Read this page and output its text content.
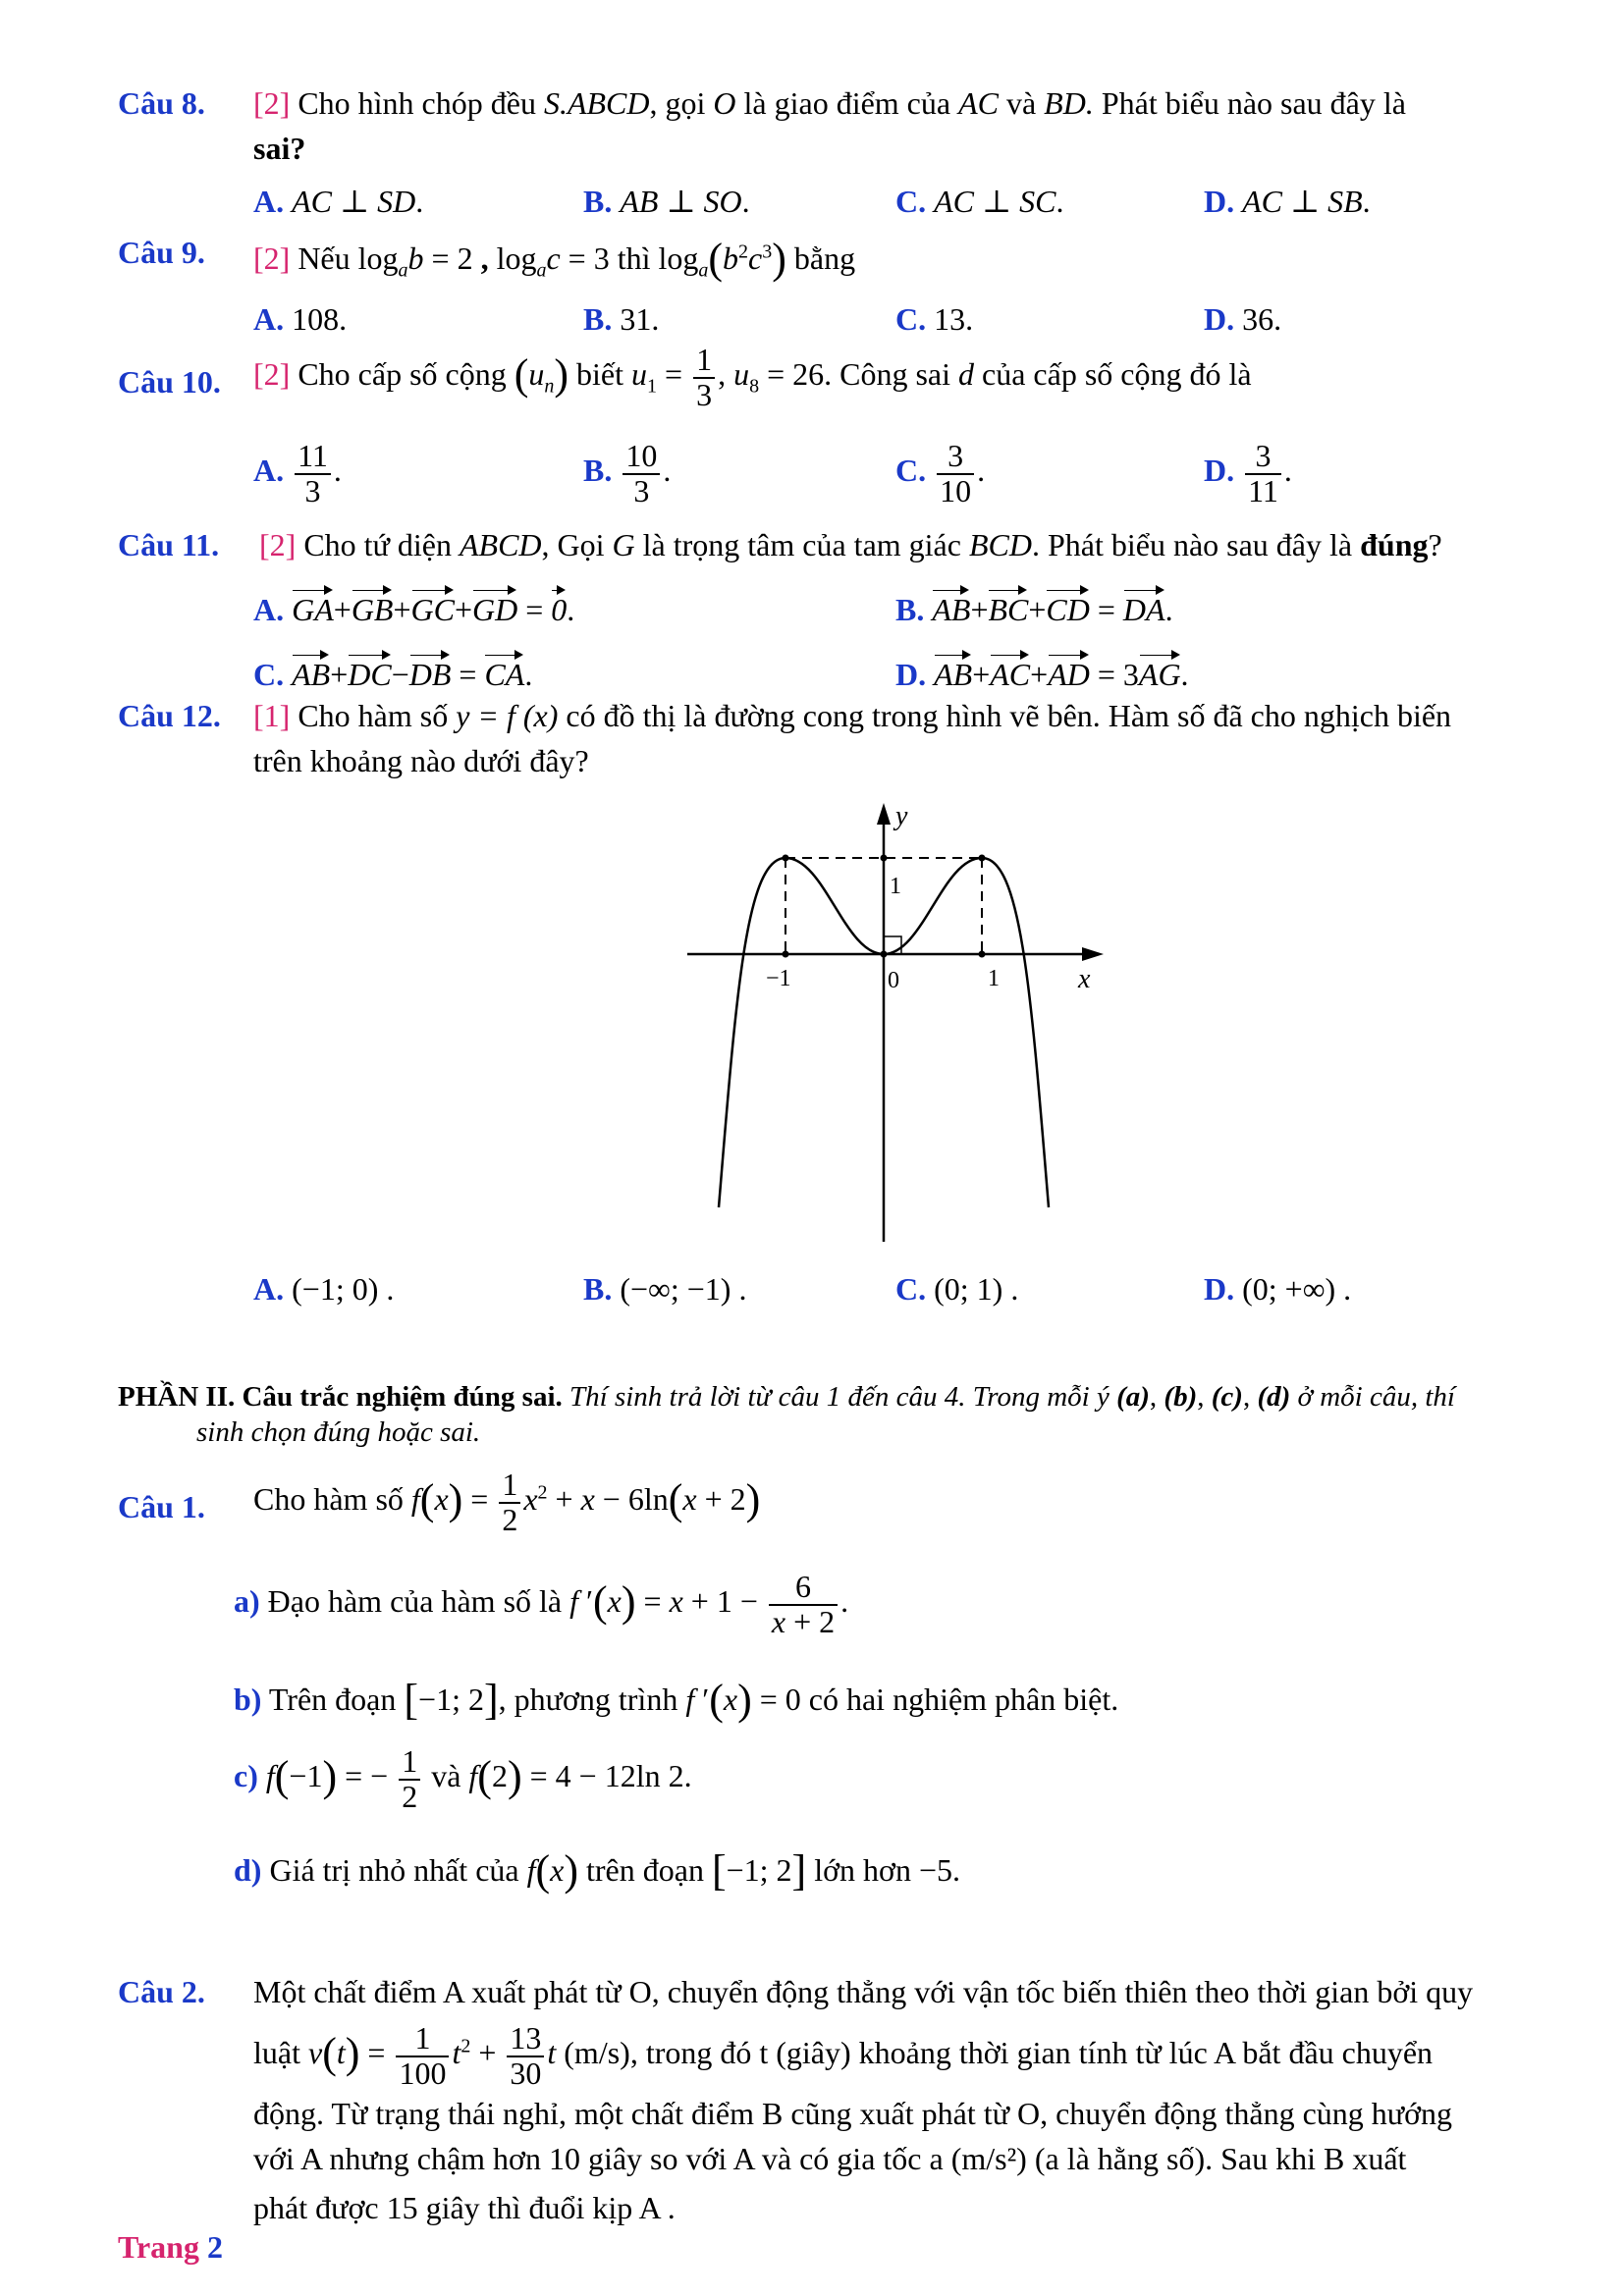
Câu 8. [2] Cho hình chóp đều S.ABCD, gọi O là giao điểm của AC và BD. Phát biểu nào sau đây là
sai?
A. AC ⊥ SD.	B. AB ⊥ SO.	C. AC ⊥ SC.	D. AC ⊥ SB.
Câu 9. [2] Nếu $\log_ab = 2$ , $\log_ac = 3$ thì $\log_a(b^2c^3)$ bằng
A. 108.	B. 31.	C. 13.	D. 36.
Câu 10. [2] Cho cấp số cộng $(u_n)$ biết $u_1 = \frac{1}{3}$ , $u_8 = 26$. Công sai d của cấp số cộng đó là
A. $\frac{11}{3}$ .	B. $\frac{10}{3}$ .	C. $\frac{3}{10}$ .	D. $\frac{3}{11}$ .
Câu 11. [2] Cho tứ diện ABCD, Gọi G là trọng tâm của tam giác BCD. Phát biểu nào sau đây là đúng?
A. GA+GB+GC+GD = 0.	B. AB+BC+CD = DA.
C. AB+DC−DB = CA.	D. AB+AC+AD = 3AG.
Câu 12. [1] Cho hàm số y = f (x) có đồ thị là đường cong trong hình vẽ bên. Hàm số đã cho nghịch biến
trên khoảng nào dưới đây?
y
x
−1	0	1
1
A. (−1; 0) .	B. (−∞; −1) .	C. (0; 1) .	D. (0; +∞) .
PHẦN II. Câu trắc nghiệm đúng sai. Thí sinh trả lời từ câu 1 đến câu 4. Trong mỗi ý (a), (b), (c), (d) ở mỗi câu, thí
sinh chọn đúng hoặc sai.
Câu 1. Cho hàm số $f(x) = \frac{1}{2} x^2 + x - 6\ln(x + 2)$
a) Đạo hàm của hàm số là f $'(x) = x + 1 - \frac{6}{x + 2}$ .
b) Trên đoạn [−1; 2], phương trình f ′(x) = 0 có hai nghiệm phân biệt.
c) f(−1) = − $\frac{1}{2}$ và f(2) = 4 − 12ln 2.
d) Giá trị nhỏ nhất của f(x) trên đoạn [−1; 2] lớn hơn −5.
Câu 2. Một chất điểm A xuất phát từ O, chuyển động thẳng với vận tốc biến thiên theo thời gian bởi quy
luật $v(t) = \frac{1}{100} t^2 + \frac{13}{30}$ t (m/s), trong đó t (giây) khoảng thời gian tính từ lúc A bắt đầu chuyển
động. Từ trạng thái nghỉ, một chất điểm B cũng xuất phát từ O, chuyển động thẳng cùng hướng
với A nhưng chậm hơn 10 giây so với A và có gia tốc a (m/s²) (a là hằng số). Sau khi B xuất
phát được 15 giây thì đuổi kịp A .
Trang 2
